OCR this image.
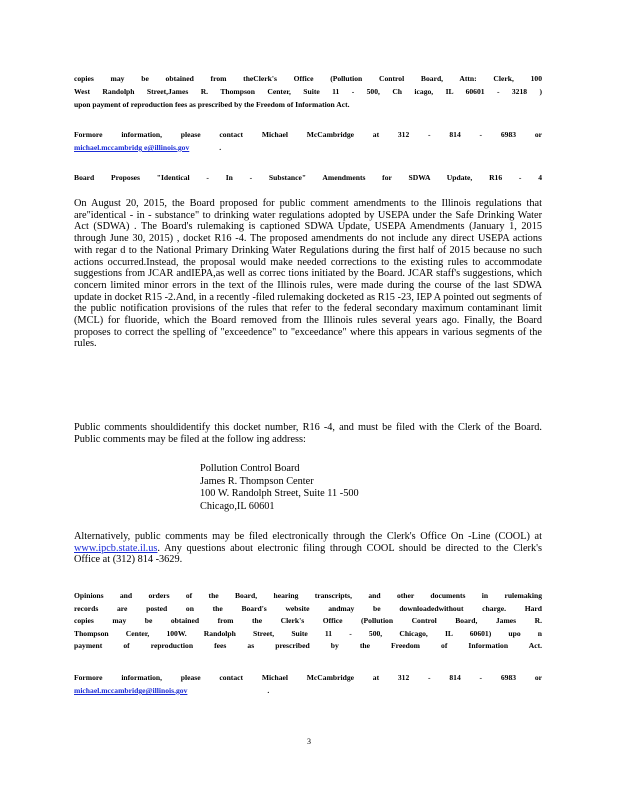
copies may be obtained from theClerk's Office (Pollution Control Board, Attn: Clerk, 100
West Randolph Street,James R. Thompson Center, Suite 11 - 500, Ch icago, IL 60601 - 3218 )
upon payment of reproduction fees as prescribed by the Freedom of Information Act.
Formore information, please contact Michael McCambridge at 312 - 814 - 6983 or
michael.mccambridg e@illinois.gov	.
Board Proposes "Identical - In - Substance" Amendments for SDWA Update, R16 - 4

On August 20, 2015, the Board proposed for public comment amendments to the Illinois regulations that are"identical - in - substance" to drinking water regulations adopted by USEPA under the Safe Drinking Water Act (SDWA) . The Board's rulemaking is captioned SDWA Update, USEPA Amendments (January 1, 2015 through June 30, 2015) , docket R16 -4. The proposed amendments do not include any direct USEPA actions with regar d to the National Primary Drinking Water Regulations during the first half of 2015 because no such actions occurred.Instead, the proposal would make needed corrections to the existing rules to accommodate suggestions from JCAR andIEPA,as well as correc tions initiated by the Board. JCAR staff's suggestions, which concern limited minor errors in the text of the Illinois rules, were made during the course of the last SDWA update in docket R15 -2.And, in a recently -filed rulemaking docketed as R15 -23, IEP A pointed out segments of the public notification provisions of the rules that refer to the federal secondary maximum contaminant limit (MCL) for fluoride, which the Board removed from the Illinois rules several years ago. Finally, the Board proposes to correct the spelling of "exceedence" to "exceedance" where this appears in various segments of the rules.

Public comments shouldidentify this docket number, R16 -4, and must be filed with the Clerk of the Board. Public comments may be filed at the follow ing address:

Pollution Control Board
James R. Thompson Center
100 W. Randolph Street, Suite 11 -500
Chicago,IL 60601

Alternatively, public comments may be filed electronically through the Clerk's Office On -Line (COOL) at www.ipcb.state.il.us. Any questions about electronic filing through COOL should be directed to the Clerk's Office at (312) 814 -3629.

Opinions and orders of the Board, hearing transcripts, and other documents in rulemaking
records are posted on the Board's website andmay be downloadedwithout charge. Hard
copies may be obtained from the Clerk's Office (Pollution Control Board, James R.
Thompson Center, 100W. Randolph Street, Suite 11 - 500, Chicago, IL 60601) upo n
payment of reproduction fees as prescribed by the Freedom of Information Act.
Formore information, please contact Michael McCambridge at 312 - 814 - 6983 or
michael.mccambridge@illinois.gov	.
3
